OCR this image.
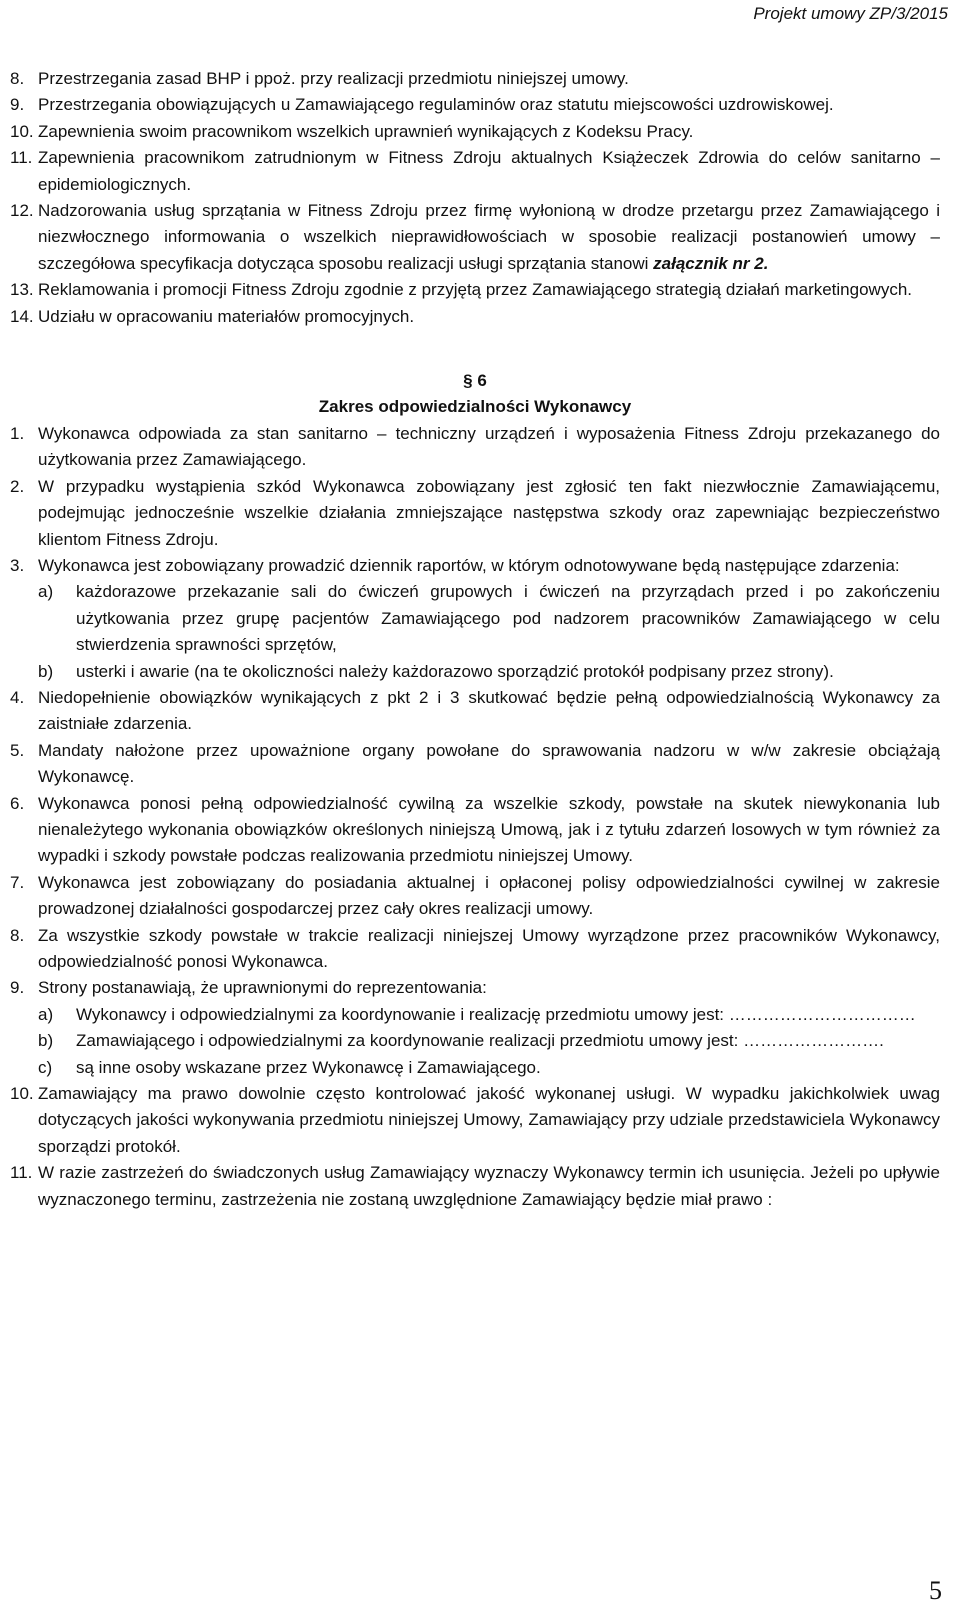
Projekt umowy ZP/3/2015
8. Przestrzegania zasad BHP i ppoż. przy realizacji przedmiotu niniejszej umowy.
9. Przestrzegania obowiązujących u Zamawiającego regulaminów oraz statutu miejscowości uzdrowiskowej.
10. Zapewnienia swoim pracownikom wszelkich uprawnień wynikających z Kodeksu Pracy.
11. Zapewnienia pracownikom zatrudnionym w Fitness Zdroju aktualnych Książeczek Zdrowia do celów sanitarno – epidemiologicznych.
12. Nadzorowania usług sprzątania w Fitness Zdroju przez firmę wyłonioną w drodze przetargu przez Zamawiającego i niezwłocznego informowania o wszelkich nieprawidłowościach w sposobie realizacji postanowień umowy – szczegółowa specyfikacja dotycząca sposobu realizacji usługi sprzątania stanowi załącznik nr 2.
13. Reklamowania i promocji Fitness Zdroju zgodnie z przyjętą przez Zamawiającego strategią działań marketingowych.
14. Udziału w opracowaniu materiałów promocyjnych.
§ 6
Zakres odpowiedzialności Wykonawcy
1. Wykonawca odpowiada za stan sanitarno – techniczny urządzeń i wyposażenia Fitness Zdroju przekazanego do użytkowania przez Zamawiającego.
2. W przypadku wystąpienia szkód Wykonawca zobowiązany jest zgłosić ten fakt niezwłocznie Zamawiającemu, podejmując jednocześnie wszelkie działania zmniejszające następstwa szkody oraz zapewniając bezpieczeństwo klientom Fitness Zdroju.
3. Wykonawca jest zobowiązany prowadzić dziennik raportów, w którym odnotowywane będą następujące zdarzenia:
a)	każdorazowe przekazanie sali do ćwiczeń grupowych i ćwiczeń na przyrządach przed i po zakończeniu użytkowania przez grupę pacjentów Zamawiającego pod nadzorem pracowników Zamawiającego w celu stwierdzenia sprawności sprzętów,
b)	usterki i awarie (na te okoliczności należy każdorazowo sporządzić protokół podpisany przez strony).
4. Niedopełnienie obowiązków wynikających z pkt 2 i 3 skutkować będzie pełną odpowiedzialnością Wykonawcy za zaistniałe zdarzenia.
5. Mandaty nałożone przez upoważnione organy powołane do sprawowania nadzoru w w/w zakresie obciążają Wykonawcę.
6. Wykonawca ponosi pełną odpowiedzialność cywilną za wszelkie szkody, powstałe na skutek niewykonania lub nienależytego wykonania obowiązków określonych niniejszą Umową, jak i z tytułu zdarzeń losowych w tym również za wypadki i szkody powstałe podczas realizowania przedmiotu niniejszej Umowy.
7. Wykonawca jest zobowiązany do posiadania aktualnej i opłaconej polisy odpowiedzialności cywilnej w zakresie prowadzonej działalności gospodarczej przez cały okres realizacji umowy.
8. Za wszystkie szkody powstałe w trakcie realizacji niniejszej Umowy wyrządzone przez pracowników Wykonawcy, odpowiedzialność ponosi Wykonawca.
9. Strony postanawiają, że uprawnionymi do reprezentowania:
a)	Wykonawcy i odpowiedzialnymi za koordynowanie i realizację przedmiotu umowy jest: ……………………………
b)	Zamawiającego i odpowiedzialnymi za koordynowanie realizacji przedmiotu umowy jest: …………………….
c)	są inne osoby wskazane przez Wykonawcę i Zamawiającego.
10. Zamawiający ma prawo dowolnie często kontrolować jakość wykonanej usługi. W wypadku jakichkolwiek uwag dotyczących jakości wykonywania przedmiotu niniejszej Umowy, Zamawiający przy udziale przedstawiciela Wykonawcy sporządzi protokół.
11. W razie zastrzeżeń do świadczonych usług Zamawiający wyznaczy Wykonawcy termin ich usunięcia. Jeżeli po upływie wyznaczonego terminu, zastrzeżenia nie zostaną uwzględnione Zamawiający będzie miał prawo :
5
